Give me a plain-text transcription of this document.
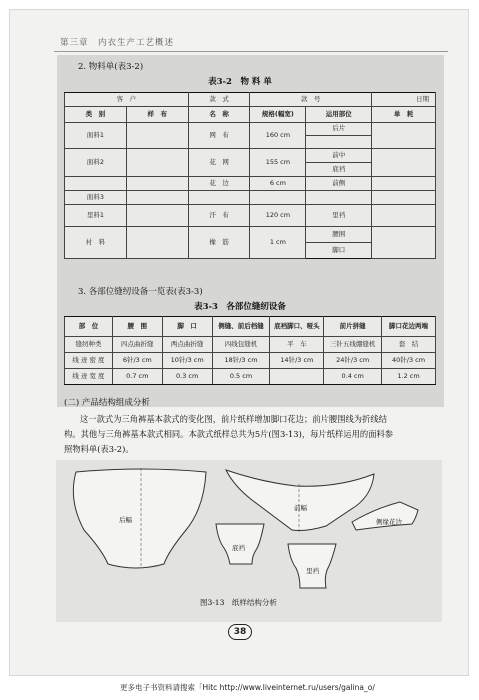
第三章　内衣生产工艺概述
2. 物料单(表3-2)
表3-2　物 料 单
客　户		款　式	款　号		日期
类　别	样　布	名　称	规格(幅宽)	运用部位	单　耗
面料1		网　布	160 cm	后片	

面料2		花　网	155 cm	前中	
				底裆	
		花　边	6 cm	前侧	
面料3					
里料1		汗　布	120 cm	里裆	
衬　料		橡　筋	1 cm	腰围	
				脚口	
3. 各部位缝纫设备一览表(表3-3)
表3-3　各部位缝纫设备
部　位	腰　围	脚　口	侧缝、前后档缝	底裆脚口、哑头	前片拼缝	脚口花边两端
缝纫种类	四点曲折缝	两点曲折缝	四线包缝机	平　车	三针五线绷缝机	套　结
线 迹 密 度	6针/3 cm	10针/3 cm	18针/3 cm	14针/3 cm	24针/3 cm	40针/3 cm
线 迹 宽 度	0.7 cm	0.3 cm	0.5 cm		0.4 cm	1.2 cm
(二) 产品结构组成分析
这一款式为三角裤基本款式的变化图，前片纸样增加脚口花边；前片腰围线为折线结
构。其他与三角裤基本款式相同。本款式纸样总共为5片(图3-13)，每片纸样运用的面料参
照物料单(表3-2)。
后幅
前幅
侧缘花边
底裆
里裆
图3-13　纸样结构分析
38
更多电子书资料请搜索「Hitc http://www.liveinternet.ru/users/galina_o/
